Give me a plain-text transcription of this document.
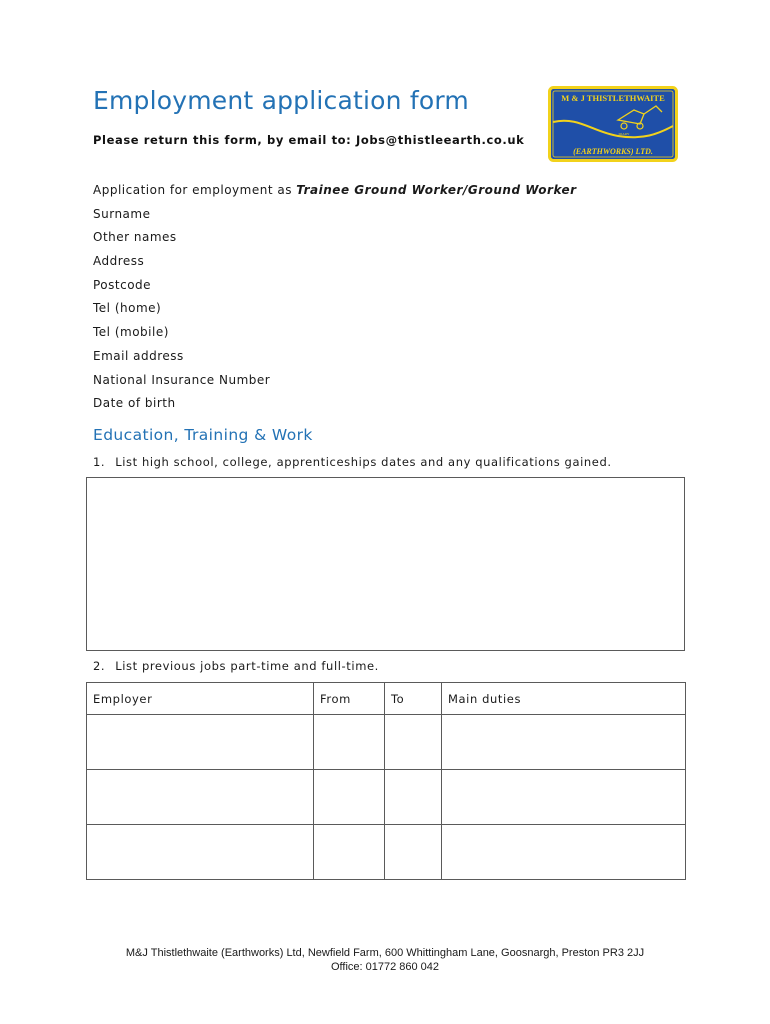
Employment application form
Please return this form, by email to: Jobs@thistleearth.co.uk
M & J THISTLETHWAITE
DIARY
(EARTHWORKS) LTD.
Application for employment as Trainee Ground Worker/Ground Worker
Surname
Other names
Address
Postcode
Tel (home)
Tel (mobile)
Email address
National Insurance Number
Date of birth
Education, Training & Work
1. List high school, college, apprenticeships dates and any qualifications gained.
2. List previous jobs part-time and full-time.
Employer	From	To	Main duties

M&J Thistlethwaite (Earthworks) Ltd, Newfield Farm, 600 Whittingham Lane, Goosnargh, Preston PR3 2JJ
Office: 01772 860 042
